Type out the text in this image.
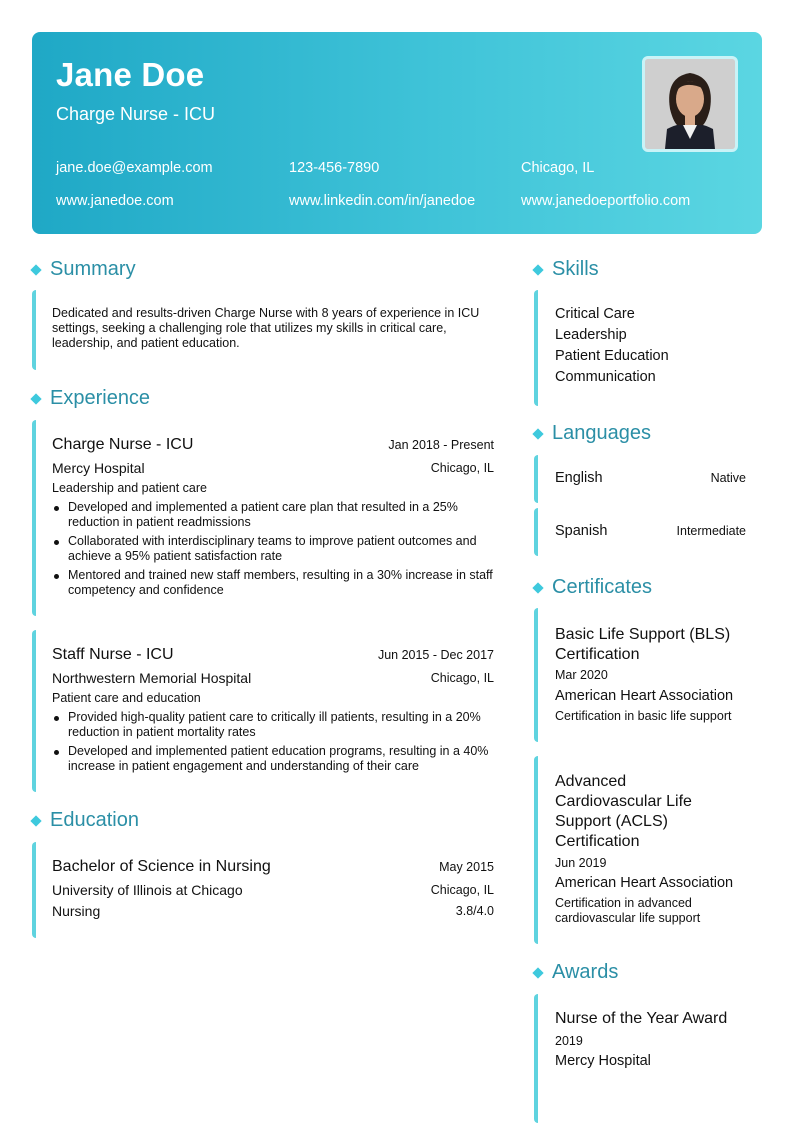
Jane Doe
Charge Nurse - ICU
jane.doe@example.com	123-456-7890	Chicago, IL
www.janedoe.com	www.linkedin.com/in/janedoe	www.janedoeportfolio.com
Summary
Dedicated and results-driven Charge Nurse with 8 years of experience in ICU settings, seeking a challenging role that utilizes my skills in critical care, leadership, and patient education.
Experience
Charge Nurse - ICU	Jan 2018 - Present
Mercy Hospital	Chicago, IL
Leadership and patient care
Developed and implemented a patient care plan that resulted in a 25% reduction in patient readmissions
Collaborated with interdisciplinary teams to improve patient outcomes and achieve a 95% patient satisfaction rate
Mentored and trained new staff members, resulting in a 30% increase in staff competency and confidence
Staff Nurse - ICU	Jun 2015 - Dec 2017
Northwestern Memorial Hospital	Chicago, IL
Patient care and education
Provided high-quality patient care to critically ill patients, resulting in a 20% reduction in patient mortality rates
Developed and implemented patient education programs, resulting in a 40% increase in patient engagement and understanding of their care
Education
Bachelor of Science in Nursing	May 2015
University of Illinois at Chicago	Chicago, IL
Nursing	3.8/4.0
Skills
Critical Care
Leadership
Patient Education
Communication
Languages
English	Native
Spanish	Intermediate
Certificates
Basic Life Support (BLS) Certification
Mar 2020
American Heart Association
Certification in basic life support
Advanced Cardiovascular Life Support (ACLS) Certification
Jun 2019
American Heart Association
Certification in advanced cardiovascular life support
Awards
Nurse of the Year Award
2019
Mercy Hospital
